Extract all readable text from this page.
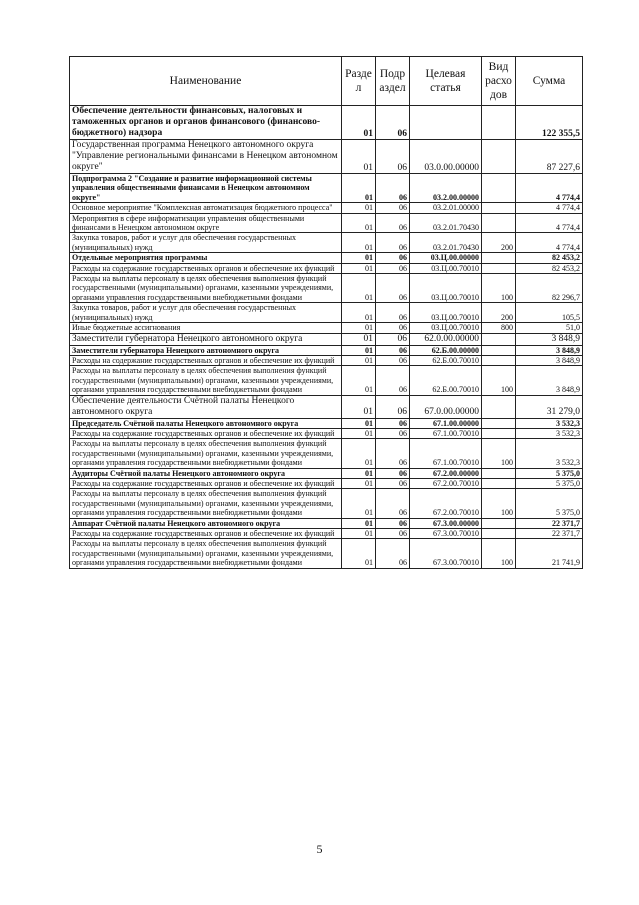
Наименование	Разде л	Подр аздел	Целевая статья	Вид расхо дов	Сумма
Обеспечение деятельности финансовых, налоговых и таможенных органов и органов финансового (финансово-бюджетного) надзора	01	06			122 355,5
Государственная программа Ненецкого автономного округа "Управление региональными финансами в Ненецком автономном округе"	01	06	03.0.00.00000		87 227,6
Подпрограмма 2 "Создание и развитие информационной системы управления общественными финансами в Ненецком автономном округе"	01	06	03.2.00.00000		4 774,4
Основное мероприятие "Комплексная автоматизация бюджетного процесса"	01	06	03.2.01.00000		4 774,4
Мероприятия в сфере информатизации управления общественными финансами в Ненецком автономном округе	01	06	03.2.01.70430		4 774,4
Закупка товаров, работ и услуг для обеспечения государственных (муниципальных) нужд	01	06	03.2.01.70430	200	4 774,4
Отдельные мероприятия программы	01	06	03.Ц.00.00000		82 453,2
Расходы на содержание государственных органов и обеспечение их функций	01	06	03.Ц.00.70010		82 453,2
Расходы на выплаты персоналу в целях обеспечения выполнения функций государственными (муниципальными) органами, казенными учреждениями, органами управления государственными внебюджетными фондами	01	06	03.Ц.00.70010	100	82 296,7
Закупка товаров, работ и услуг для обеспечения государственных (муниципальных) нужд	01	06	03.Ц.00.70010	200	105,5
Иные бюджетные ассигнования	01	06	03.Ц.00.70010	800	51,0
Заместители губернатора Ненецкого автономного округа	01	06	62.0.00.00000		3 848,9
Заместители губернатора Ненецкого автономного округа	01	06	62.Б.00.00000		3 848,9
Расходы на содержание государственных органов и обеспечение их функций	01	06	62.Б.00.70010		3 848,9
Расходы на выплаты персоналу в целях обеспечения выполнения функций государственными (муниципальными) органами, казенными учреждениями, органами управления государственными внебюджетными фондами	01	06	62.Б.00.70010	100	3 848,9
Обеспечение деятельности Счётной палаты Ненецкого автономного округа	01	06	67.0.00.00000		31 279,0
Председатель Счётной палаты Ненецкого автономного округа	01	06	67.1.00.00000		3 532,3
Расходы на содержание государственных органов и обеспечение их функций	01	06	67.1.00.70010		3 532,3
Расходы на выплаты персоналу в целях обеспечения выполнения функций государственными (муниципальными) органами, казенными учреждениями, органами управления государственными внебюджетными фондами	01	06	67.1.00.70010	100	3 532,3
Аудиторы Счётной палаты Ненецкого автономного округа	01	06	67.2.00.00000		5 375,0
Расходы на содержание государственных органов и обеспечение их функций	01	06	67.2.00.70010		5 375,0
Расходы на выплаты персоналу в целях обеспечения выполнения функций государственными (муниципальными) органами, казенными учреждениями, органами управления государственными внебюджетными фондами	01	06	67.2.00.70010	100	5 375,0
Аппарат Счётной палаты Ненецкого автономного округа	01	06	67.3.00.00000		22 371,7
Расходы на содержание государственных органов и обеспечение их функций	01	06	67.3.00.70010		22 371,7
Расходы на выплаты персоналу в целях обеспечения выполнения функций государственными (муниципальными) органами, казенными учреждениями, органами управления государственными внебюджетными фондами	01	06	67.3.00.70010	100	21 741,9
5
